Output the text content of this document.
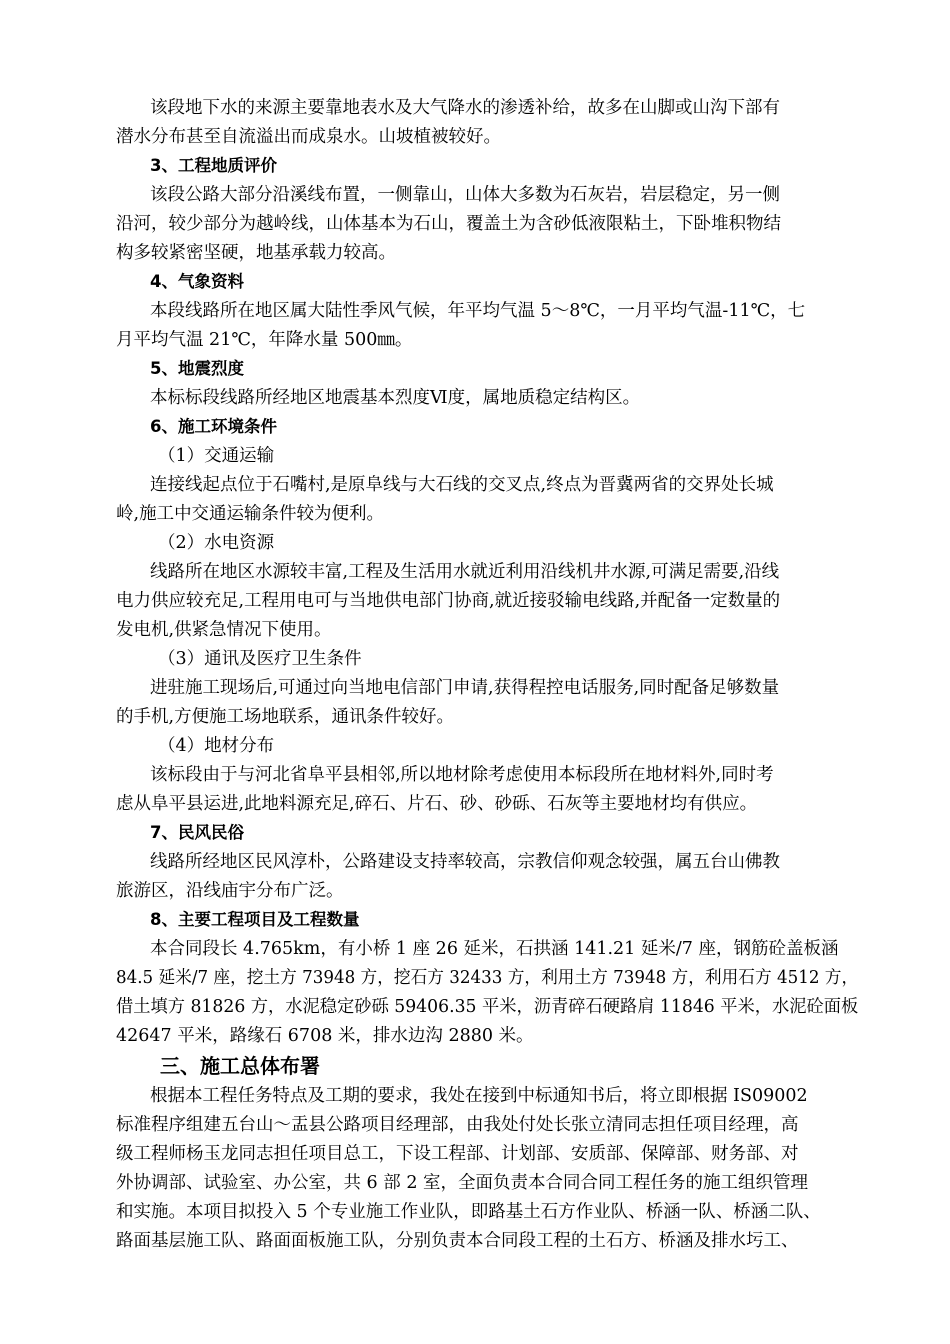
该段地下水的来源主要靠地表水及大气降水的渗透补给，故多在山脚或山沟下部有
潜水分布甚至自流溢出而成泉水。山坡植被较好。
3、工程地质评价
该段公路大部分沿溪线布置，一侧靠山，山体大多数为石灰岩，岩层稳定，另一侧
沿河，较少部分为越岭线，山体基本为石山，覆盖土为含砂低液限粘土，下卧堆积物结
构多较紧密坚硬，地基承载力较高。
4、气象资料
本段线路所在地区属大陆性季风气候，年平均气温 5～8℃，一月平均气温-11℃，七
月平均气温 21℃，年降水量 500㎜。
5、地震烈度
本标标段线路所经地区地震基本烈度Ⅵ度，属地质稳定结构区。
6、施工环境条件
（1）交通运输
连接线起点位于石嘴村,是原阜线与大石线的交叉点,终点为晋冀两省的交界处长城
岭,施工中交通运输条件较为便利。
（2）水电资源
线路所在地区水源较丰富,工程及生活用水就近利用沿线机井水源,可满足需要,沿线
电力供应较充足,工程用电可与当地供电部门协商,就近接驳输电线路,并配备一定数量的
发电机,供紧急情况下使用。
（3）通讯及医疗卫生条件
进驻施工现场后,可通过向当地电信部门申请,获得程控电话服务,同时配备足够数量
的手机,方便施工场地联系，通讯条件较好。
（4）地材分布
该标段由于与河北省阜平县相邻,所以地材除考虑使用本标段所在地材料外,同时考
虑从阜平县运进,此地料源充足,碎石、片石、砂、砂砾、石灰等主要地材均有供应。
7、民风民俗
线路所经地区民风淳朴，公路建设支持率较高，宗教信仰观念较强，属五台山佛教
旅游区，沿线庙宇分布广泛。
8、主要工程项目及工程数量
本合同段长 4.765km，有小桥 1 座 26 延米，石拱涵 141.21 延米/7 座，钢筋砼盖板涵
84.5 延米/7 座，挖土方 73948 方，挖石方 32433 方，利用土方 73948 方，利用石方 4512 方，
借土填方 81826 方，水泥稳定砂砾 59406.35 平米，沥青碎石硬路肩 11846 平米，水泥砼面板
42647 平米，路缘石 6708 米，排水边沟 2880 米。
三、施工总体布署
根据本工程任务特点及工期的要求，我处在接到中标通知书后，将立即根据 IS09002
标准程序组建五台山～盂县公路项目经理部，由我处付处长张立清同志担任项目经理，高
级工程师杨玉龙同志担任项目总工，下设工程部、计划部、安质部、保障部、财务部、对
外协调部、试验室、办公室，共 6 部 2 室，全面负责本合同合同工程任务的施工组织管理
和实施。本项目拟投入 5 个专业施工作业队，即路基土石方作业队、桥涵一队、桥涵二队、
路面基层施工队、路面面板施工队，分别负责本合同段工程的土石方、桥涵及排水圬工、
